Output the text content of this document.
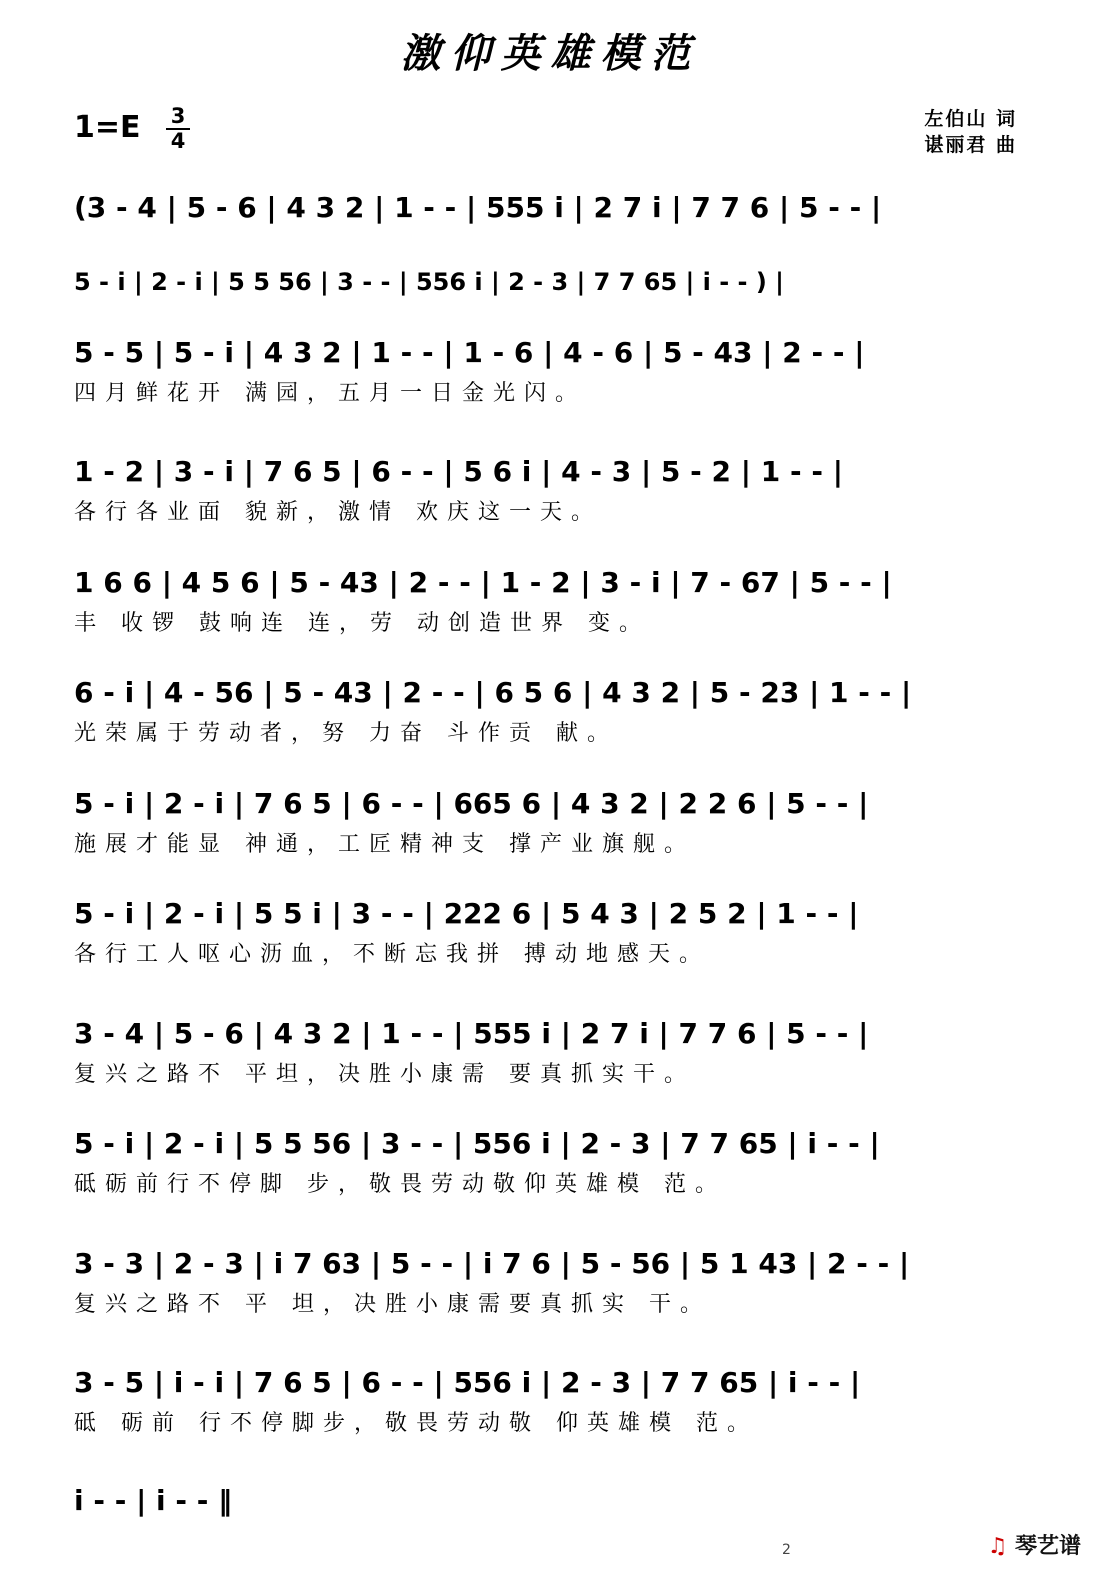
激仰英雄模范
1=E 3
4
左伯山 词
谌丽君 曲
(3 - 4 | 5 - 6 | 4 3 2 | 1 - - | 555 i | 2 7 i | 7 7 6 | 5 - - |
5 - i | 2 - i | 5 5 56 | 3 - - | 556 i | 2 - 3 | 7 7 65 | i - - ) |
5 - 5 | 5 - i | 4 3 2 | 1 - - | 1 - 6 | 4 - 6 | 5 - 43 | 2 - - |
四月鲜花开 满园，五月一日金光闪。
1 - 2 | 3 - i | 7 6 5 | 6 - - | 5 6 i | 4 - 3 | 5 - 2 | 1 - - |
各行各业面 貌新，激情 欢庆这一天。
1 6 6 | 4 5 6 | 5 - 43 | 2 - - | 1 - 2 | 3 - i | 7 - 67 | 5 - - |
丰 收锣 鼓响连 连，劳 动创造世界 变。
6 - i | 4 - 56 | 5 - 43 | 2 - - | 6 5 6 | 4 3 2 | 5 - 23 | 1 - - |
光荣属于劳动者，努 力奋 斗作贡 献。
5 - i | 2 - i | 7 6 5 | 6 - - | 665 6 | 4 3 2 | 2 2 6 | 5 - - |
施展才能显 神通，工匠精神支 撑产业旗舰。
5 - i | 2 - i | 5 5 i | 3 - - | 222 6 | 5 4 3 | 2 5 2 | 1 - - |
各行工人呕心沥血，不断忘我拼 搏动地感天。
3 - 4 | 5 - 6 | 4 3 2 | 1 - - | 555 i | 2 7 i | 7 7 6 | 5 - - |
复兴之路不 平坦，决胜小康需 要真抓实干。
5 - i | 2 - i | 5 5 56 | 3 - - | 556 i | 2 - 3 | 7 7 65 | i - - |
砥砺前行不停脚 步，敬畏劳动敬仰英雄模 范。
3 - 3 | 2 - 3 | i 7 63 | 5 - - | i 7 6 | 5 - 56 | 5 1 43 | 2 - - |
复兴之路不 平 坦，决胜小康需要真抓实 干。
3 - 5 | i - i | 7 6 5 | 6 - - | 556 i | 2 - 3 | 7 7 65 | i - - |
砥 砺前 行不停脚步，敬畏劳动敬 仰英雄模 范。
i - - | i - - ‖
2	♫ 琴艺谱
